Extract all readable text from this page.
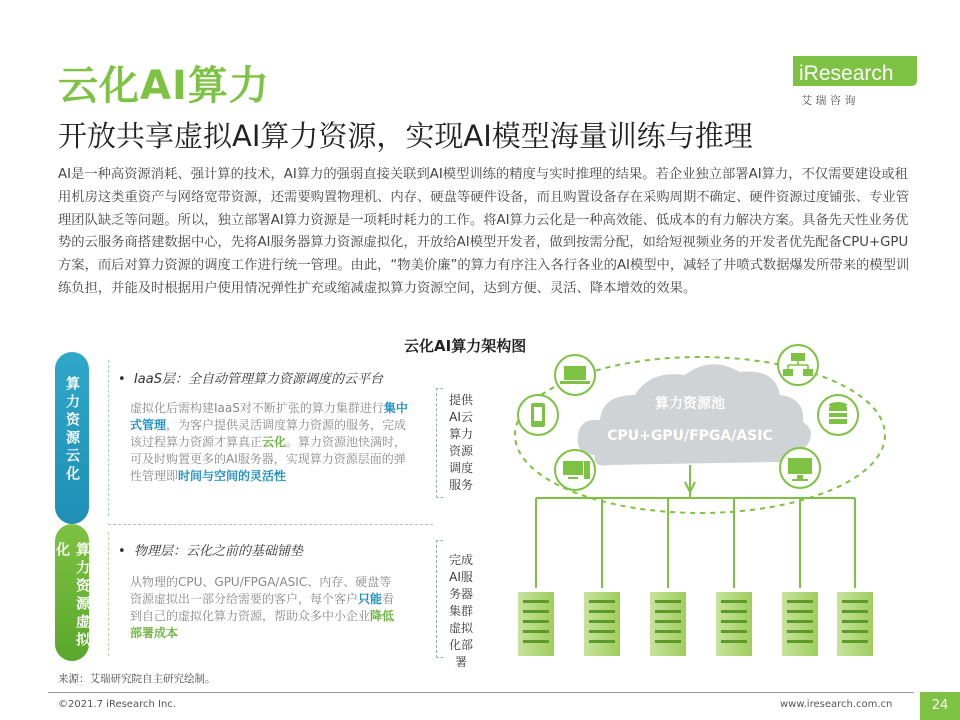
云化AI算力
开放共享虚拟AI算力资源，实现AI模型海量训练与推理
iResearch
艾 瑞 咨 询
AI是一种高资源消耗、强计算的技术，AI算力的强弱直接关联到AI模型训练的精度与实时推理的结果。若企业独立部署AI算力，不仅需要建设或租用机房这类重资产与网络宽带资源，还需要购置物理机、内存、硬盘等硬件设备，而且购置设备存在采购周期不确定、硬件资源过度铺张、专业管理团队缺乏等问题。所以，独立部署AI算力资源是一项耗时耗力的工作。将AI算力云化是一种高效能、低成本的有力解决方案。具备先天性业务优势的云服务商搭建数据中心，先将AI服务器算力资源虚拟化，开放给AI模型开发者，做到按需分配，如给短视频业务的开发者优先配备CPU+GPU方案，而后对算力资源的调度工作进行统一管理。由此，“物美价廉”的算力有序注入各行各业的AI模型中，减轻了井喷式数据爆发所带来的模型训练负担，并能及时根据用户使用情况弹性扩充或缩减虚拟算力资源空间，达到方便、灵活、降本增效的效果。
云化AI算力架构图
算力资源云化
算力资源虚拟化
•  IaaS层：全自动管理算力资源调度的云平台
虚拟化后需构建IaaS对不断扩张的算力集群进行集中式管理，为客户提供灵活调度算力资源的服务，完成该过程算力资源才算真正云化。算力资源池快满时，可及时购置更多的AI服务器，实现算力资源层面的弹性管理即时间与空间的灵活性
•  物理层：云化之前的基础铺垫
从物理的CPU、GPU/FPGA/ASIC、内存、硬盘等资源虚拟出一部分给需要的客户，每个客户只能看到自己的虚拟化算力资源，帮助众多中小企业降低部署成本
提供AI云算力资源调度服务
完成AI服务器集群虚拟化部署
算力资源池
CPU+GPU/FPGA/ASIC
来源：艾瑞研究院自主研究绘制。
©2021.7 iResearch Inc.	www.iresearch.com.cn	24
